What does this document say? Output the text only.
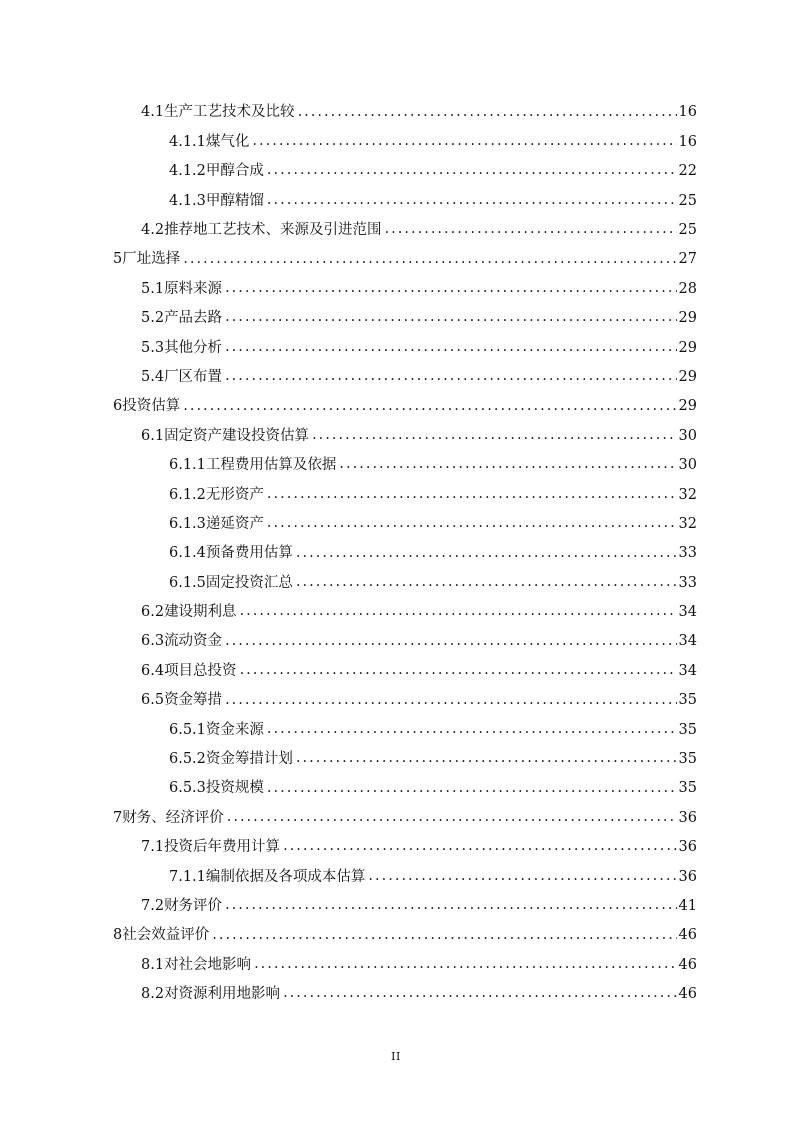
4.1 生产工艺技术及比较 .....	16
4.1.1 煤气化 .....	16
4.1.2 甲醇合成 .....	22
4.1.3 甲醇精馏 .....	25
4.2 推荐地工艺技术、来源及引进范围 .....	25
5 厂址选择 .....	27
5.1 原料来源 .....	28
5.2 产品去路 .....	29
5.3 其他分析 .....	29
5.4 厂区布置 .....	29
6 投资估算 .....	29
6.1 固定资产建设投资估算 .....	30
6.1.1 工程费用估算及依据 .....	30
6.1.2 无形资产 .....	32
6.1.3 递延资产 .....	32
6.1.4 预备费用估算 .....	33
6.1.5 固定投资汇总 .....	33
6.2 建设期利息 .....	34
6.3 流动资金 .....	34
6.4 项目总投资 .....	34
6.5 资金筹措 .....	35
6.5.1 资金来源 .....	35
6.5.2 资金筹措计划 .....	35
6.5.3 投资规模 .....	35
7 财务、经济评价 .....	36
7.1 投资后年费用计算 .....	36
7.1.1 编制依据及各项成本估算 .....	36
7.2 财务评价 .....	41
8 社会效益评价 .....	46
8.1 对社会地影响 .....	46
8.2 对资源利用地影响 .....	46
II
